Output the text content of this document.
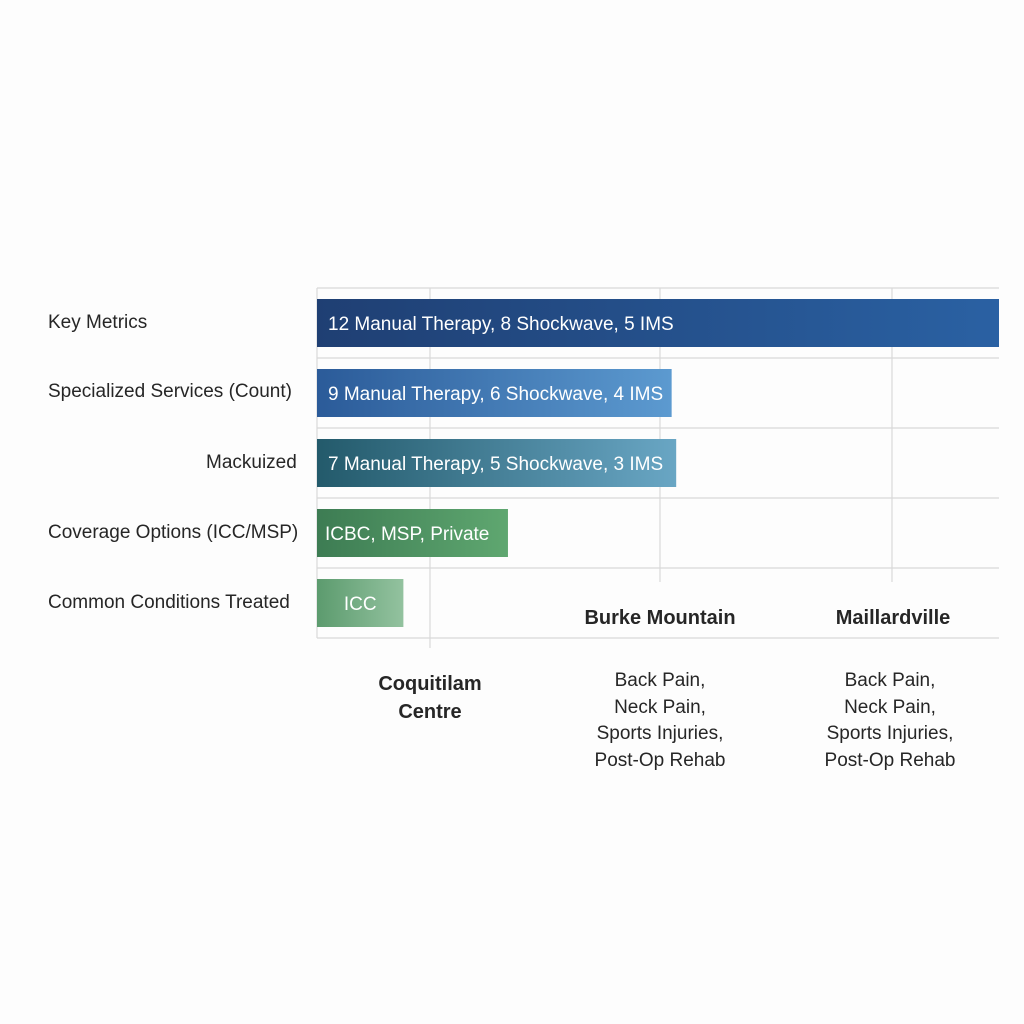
12 Manual Therapy, 8 Shockwave, 5 IMS
9 Manual Therapy, 6 Shockwave, 4 IMS
7 Manual Therapy, 5 Shockwave, 3 IMS
ICBC, MSP, Private
ICC
Key Metrics
Specialized Services (Count)
Mackuized
Coverage Options (ICC/MSP)
Common Conditions Treated
Coquitilam
Centre
Burke Mountain	Maillardville
Back Pain,
Neck Pain,
Sports Injuries,
Post-Op Rehab
Back Pain,
Neck Pain,
Sports Injuries,
Post-Op Rehab
